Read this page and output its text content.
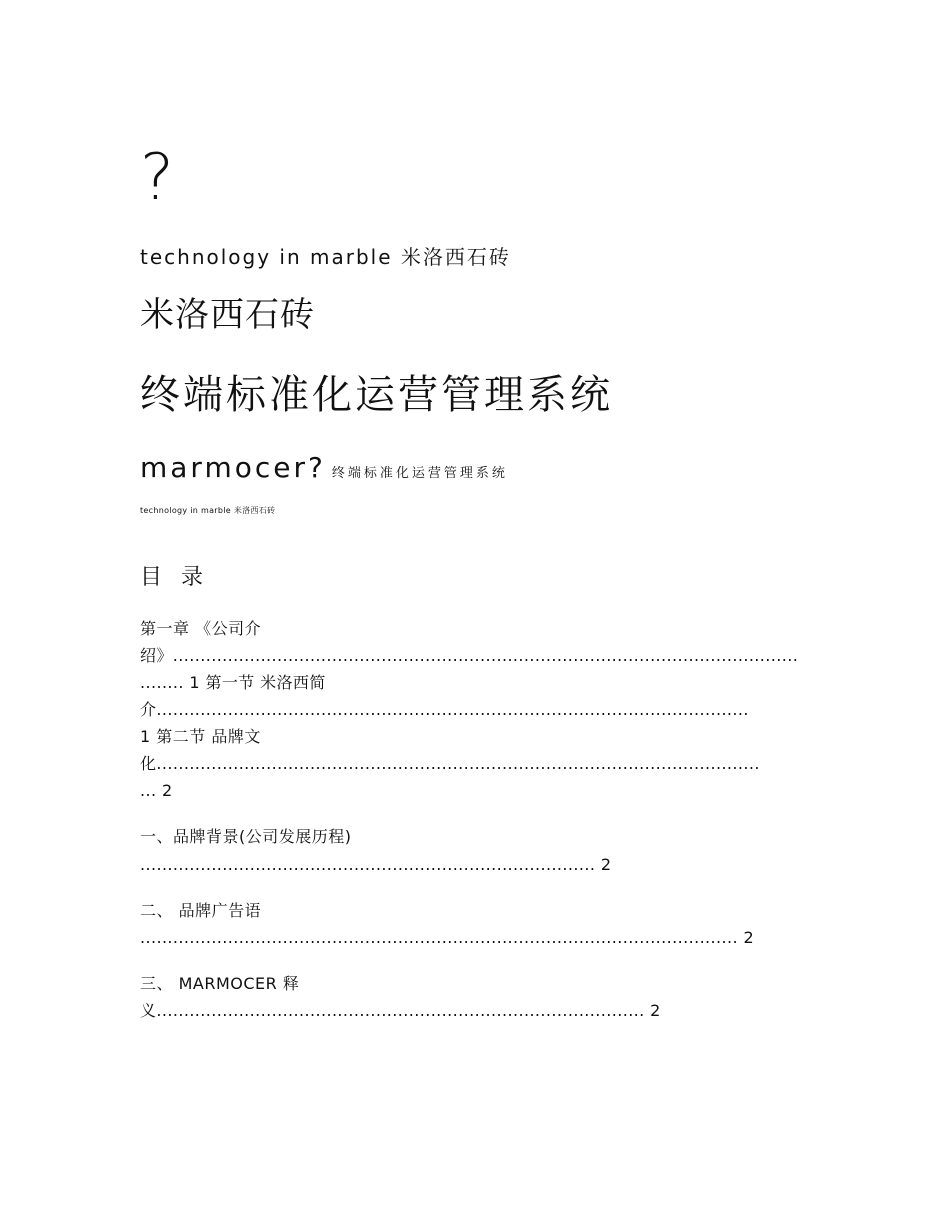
?
technology in marble 米洛西石砖
米洛西石砖
终端标准化运营管理系统
marmocer? 终端标准化运营管理系统
technology in marble 米洛西石砖
目 录
第一章 《公司介
绍》..................................................................................................................
........ 1 第一节 米洛西简
介............................................................................................................
1 第二节 品牌文
化..............................................................................................................
... 2
一、品牌背景(公司发展历程)
................................................................................... 2
二、 品牌广告语
............................................................................................................. 2
三、 MARMOCER 释
义......................................................................................... 2
